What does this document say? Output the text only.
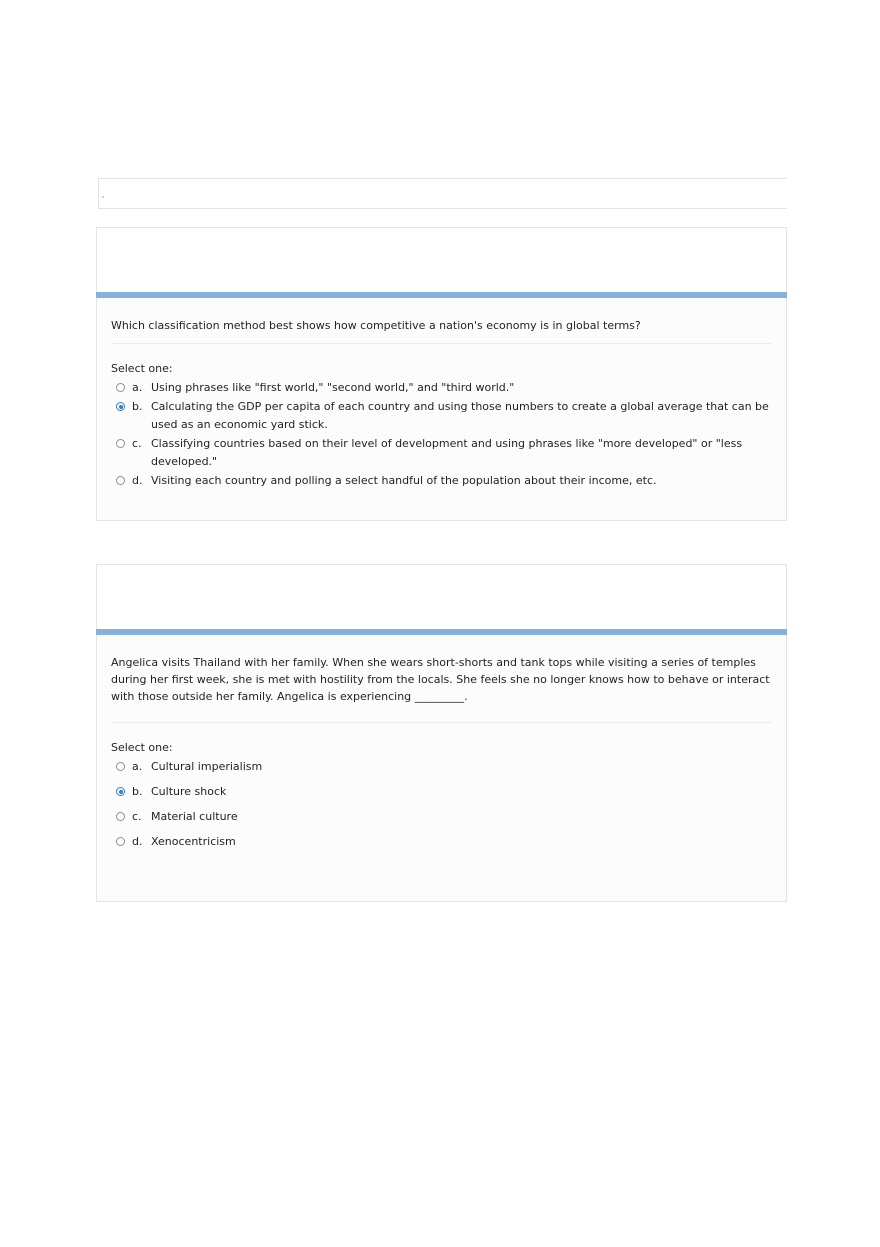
Which classification method best shows how competitive a nation's economy is in global terms?

Select one:
a. Using phrases like "first world," "second world," and "third world."
b. Calculating the GDP per capita of each country and using those numbers to create a global average that can be used as an economic yard stick.
c. Classifying countries based on their level of development and using phrases like "more developed" or "less developed."
d. Visiting each country and polling a select handful of the population about their income, etc.

Angelica visits Thailand with her family. When she wears short-shorts and tank tops while visiting a series of temples during her first week, she is met with hostility from the locals. She feels she no longer knows how to behave or interact with those outside her family. Angelica is experiencing _________.

Select one:
a. Cultural imperialism
b. Culture shock
c. Material culture
d. Xenocentricism
